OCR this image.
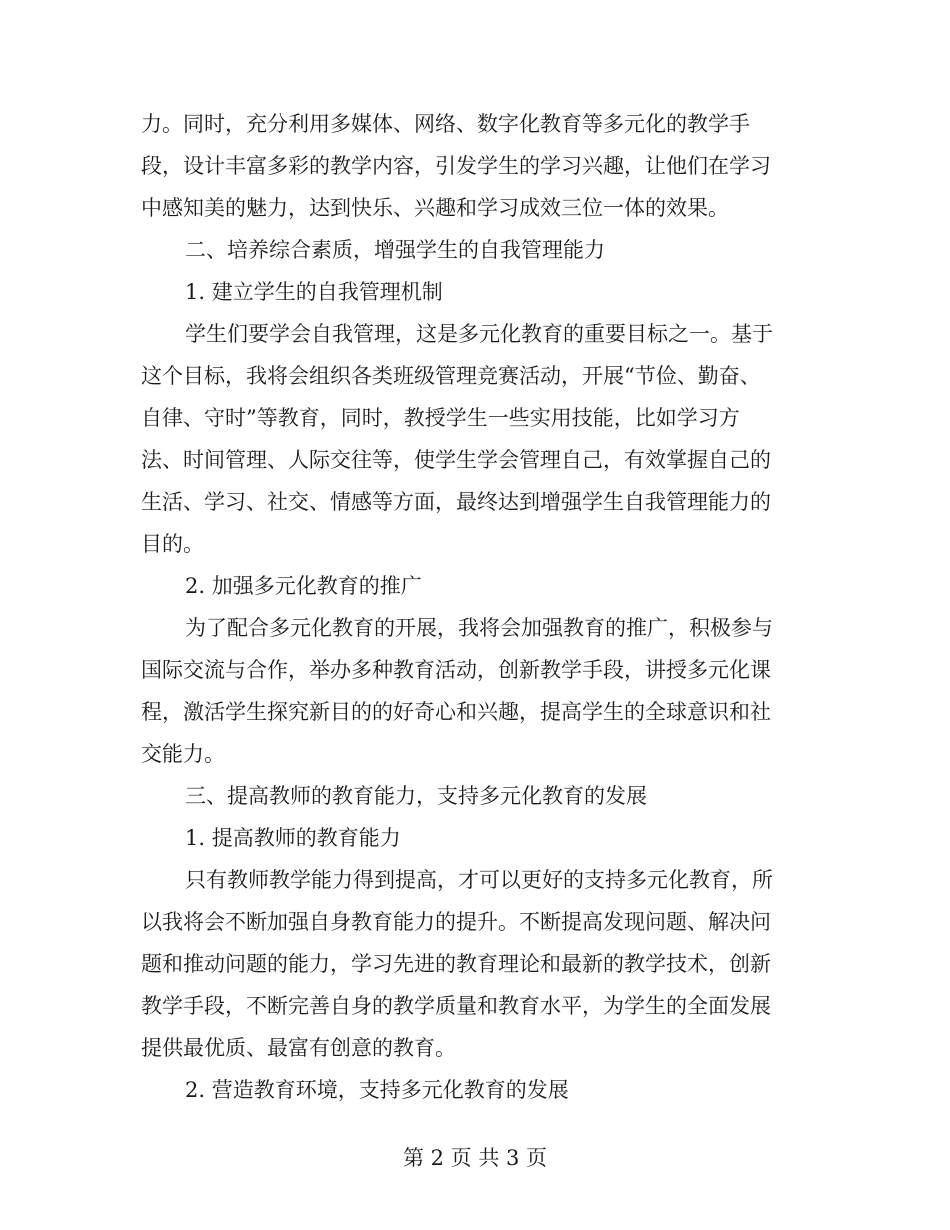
力。同时，充分利用多媒体、网络、数字化教育等多元化的教学手
段，设计丰富多彩的教学内容，引发学生的学习兴趣，让他们在学习
中感知美的魅力，达到快乐、兴趣和学习成效三位一体的效果。
二、培养综合素质，增强学生的自我管理能力
1. 建立学生的自我管理机制
学生们要学会自我管理，这是多元化教育的重要目标之一。基于
这个目标，我将会组织各类班级管理竞赛活动，开展“节俭、勤奋、
自律、守时”等教育，同时，教授学生一些实用技能，比如学习方
法、时间管理、人际交往等，使学生学会管理自己，有效掌握自己的
生活、学习、社交、情感等方面，最终达到增强学生自我管理能力的
目的。
2. 加强多元化教育的推广
为了配合多元化教育的开展，我将会加强教育的推广，积极参与
国际交流与合作，举办多种教育活动，创新教学手段，讲授多元化课
程，激活学生探究新目的的好奇心和兴趣，提高学生的全球意识和社
交能力。
三、提高教师的教育能力，支持多元化教育的发展
1. 提高教师的教育能力
只有教师教学能力得到提高，才可以更好的支持多元化教育，所
以我将会不断加强自身教育能力的提升。不断提高发现问题、解决问
题和推动问题的能力，学习先进的教育理论和最新的教学技术，创新
教学手段，不断完善自身的教学质量和教育水平，为学生的全面发展
提供最优质、最富有创意的教育。
2. 营造教育环境，支持多元化教育的发展
第 2 页 共 3 页
